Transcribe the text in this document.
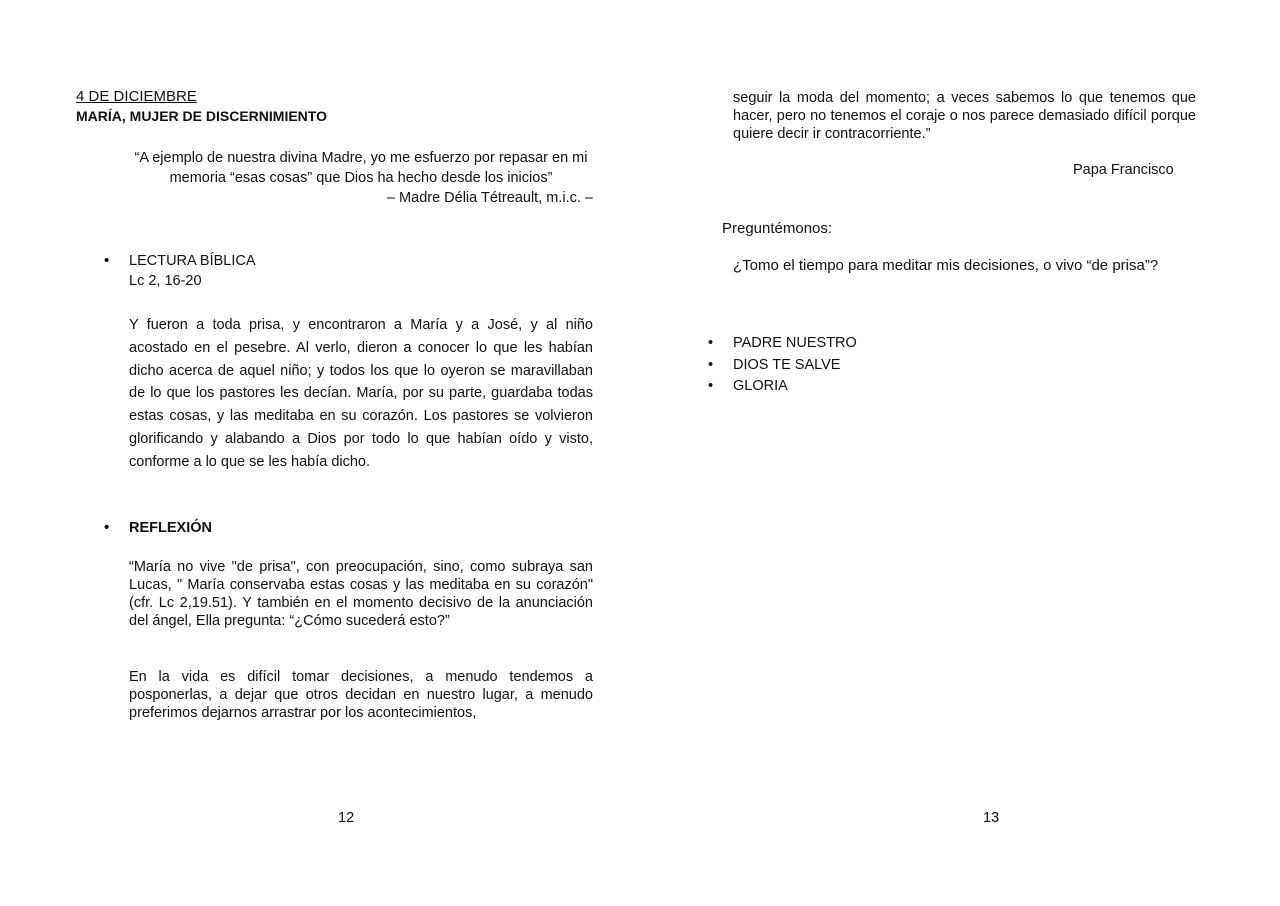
4 DE DICIEMBRE
MARÍA, MUJER DE DISCERNIMIENTO
“A ejemplo de nuestra divina Madre, yo me esfuerzo por repasar en mi memoria “esas cosas” que Dios ha hecho desde los inicios”
– Madre Délia Tétreault, m.i.c. –
• LECTURA BÍBLICA
Lc 2, 16-20
Y fueron a toda prisa, y encontraron a María y a José, y al niño acostado en el pesebre. Al verlo, dieron a conocer lo que les habían dicho acerca de aquel niño; y todos los que lo oyeron se maravillaban de lo que los pastores les decían. María, por su parte, guardaba todas estas cosas, y las meditaba en su corazón. Los pastores se volvieron glorificando y alabando a Dios por todo lo que habían oído y visto, conforme a lo que se les había dicho.
• REFLEXIÓN
“María no vive "de prisa", con preocupación, sino, como subraya san Lucas, " María conservaba estas cosas y las meditaba en su corazón" (cfr. Lc 2,19.51). Y también en el momento decisivo de la anunciación del ángel, Ella pregunta: “¿Cómo sucederá esto?”
En la vida es difícil tomar decisiones, a menudo tendemos a posponerlas, a dejar que otros decidan en nuestro lugar, a menudo preferimos dejarnos arrastrar por los acontecimientos,
12
seguir la moda del momento; a veces sabemos lo que tenemos que hacer, pero no tenemos el coraje o nos parece demasiado difícil porque quiere decir ir contracorriente.”
Papa Francisco
Preguntémonos:
¿Tomo el tiempo para meditar mis decisiones, o vivo “de prisa”?
• PADRE NUESTRO
• DIOS TE SALVE
• GLORIA
13
